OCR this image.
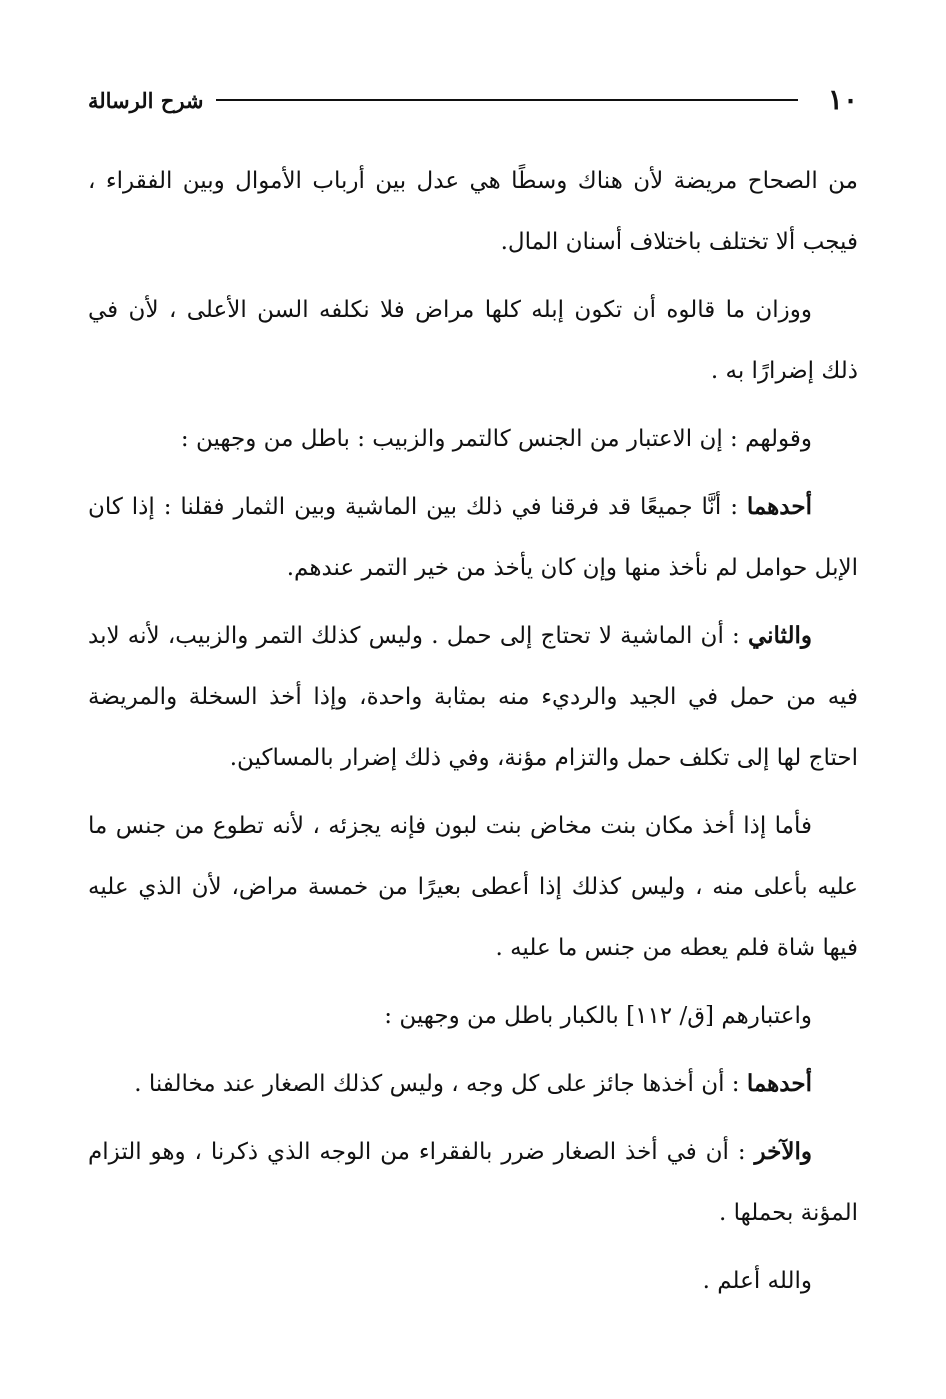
١٠
شرح الرسالة

من الصحاح مريضة لأن هناك وسطًا هي عدل بين أرباب الأموال وبين الفقراء ، فيجب ألا تختلف باختلاف أسنان المال.

ووزان ما قالوه أن تكون إبله كلها مراض فلا نكلفه السن الأعلى ، لأن في ذلك إضرارًا به .

وقولهم : إن الاعتبار من الجنس كالتمر والزبيب : باطل من وجهين :

أحدهما : أنَّا جميعًا قد فرقنا في ذلك بين الماشية وبين الثمار فقلنا : إذا كان الإبل حوامل لم نأخذ منها وإن كان يأخذ من خير التمر عندهم.

والثاني : أن الماشية لا تحتاج إلى حمل . وليس كذلك التمر والزبيب، لأنه لابد فيه من حمل في الجيد والرديء منه بمثابة واحدة، وإذا أخذ السخلة والمريضة احتاج لها إلى تكلف حمل والتزام مؤنة، وفي ذلك إضرار بالمساكين.

فأما إذا أخذ مكان بنت مخاض بنت لبون فإنه يجزئه ، لأنه تطوع من جنس ما عليه بأعلى منه ، وليس كذلك إذا أعطى بعيرًا من خمسة مراض، لأن الذي عليه فيها شاة فلم يعطه من جنس ما عليه .

واعتبارهم [ق/ ١١٢] بالكبار باطل من وجهين :

أحدهما : أن أخذها جائز على كل وجه ، وليس كذلك الصغار عند مخالفنا .

والآخر : أن في أخذ الصغار ضرر بالفقراء من الوجه الذي ذكرنا ، وهو التزام المؤنة بحملها .

والله أعلم .
